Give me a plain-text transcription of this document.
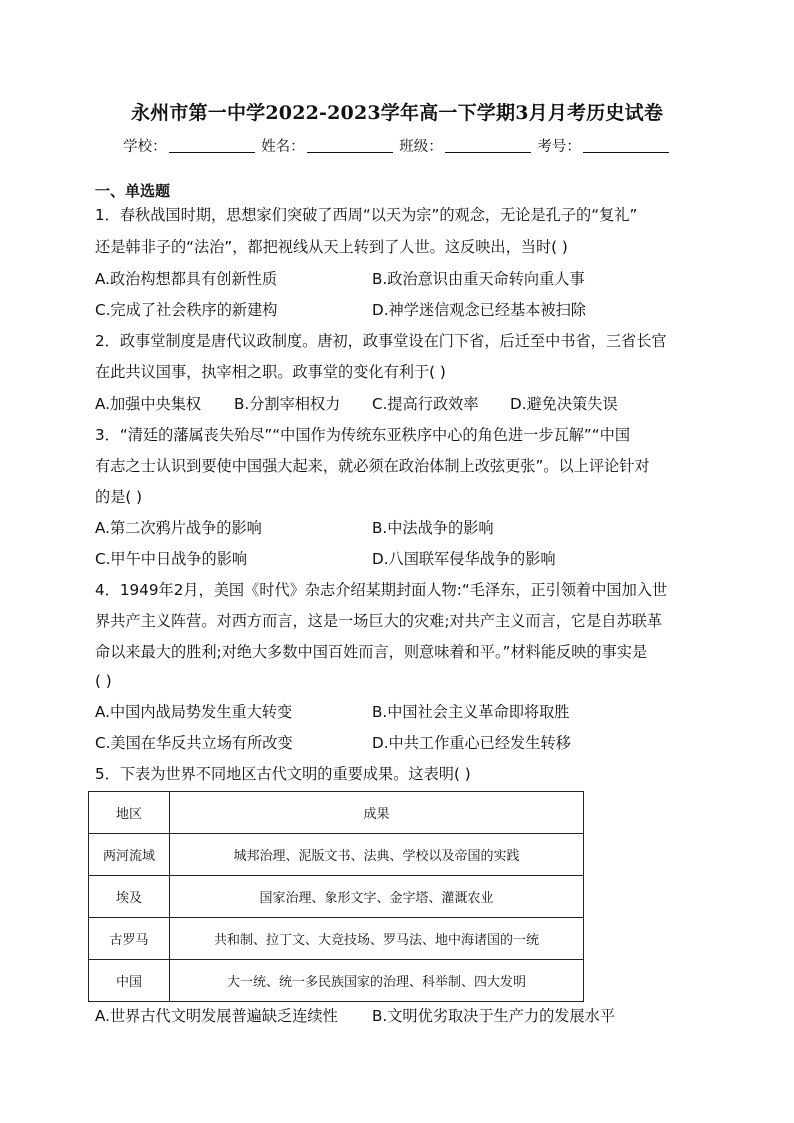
永州市第一中学2022-2023学年高一下学期3月月考历史试卷
学校：	姓名：	班级：	考号：
一、单选题
1．春秋战国时期，思想家们突破了西周“以天为宗”的观念，无论是孔子的“复礼”
还是韩非子的“法治”，都把视线从天上转到了人世。这反映出，当时( )
A.政治构想都具有创新性质	B.政治意识由重天命转向重人事
C.完成了社会秩序的新建构	D.神学迷信观念已经基本被扫除
2．政事堂制度是唐代议政制度。唐初，政事堂设在门下省，后迁至中书省，三省长官
在此共议国事，执宰相之职。政事堂的变化有利于( )
A.加强中央集权 B.分割宰相权力 C.提高行政效率 D.避免决策失误
3．“清廷的藩属丧失殆尽”“中国作为传统东亚秩序中心的角色进一步瓦解”“中国
有志之士认识到要使中国强大起来，就必须在政治体制上改弦更张”。以上评论针对
的是( )
A.第二次鸦片战争的影响	B.中法战争的影响
C.甲午中日战争的影响	D.八国联军侵华战争的影响
4．1949年2月，美国《时代》杂志介绍某期封面人物:“毛泽东，正引领着中国加入世
界共产主义阵营。对西方而言，这是一场巨大的灾难;对共产主义而言，它是自苏联革
命以来最大的胜利;对绝大多数中国百姓而言，则意味着和平。”材料能反映的事实是
( )
A.中国内战局势发生重大转变	B.中国社会主义革命即将取胜
C.美国在华反共立场有所改变	D.中共工作重心已经发生转移
5．下表为世界不同地区古代文明的重要成果。这表明( )
地区	成果
两河流域	城邦治理、泥版文书、法典、学校以及帝国的实践
埃及	国家治理、象形文字、金字塔、灌溉农业
古罗马	共和制、拉丁文、大竞技场、罗马法、地中海诸国的一统
中国	大一统、统一多民族国家的治理、科举制、四大发明
A.世界古代文明发展普遍缺乏连续性 B.文明优劣取决于生产力的发展水平
